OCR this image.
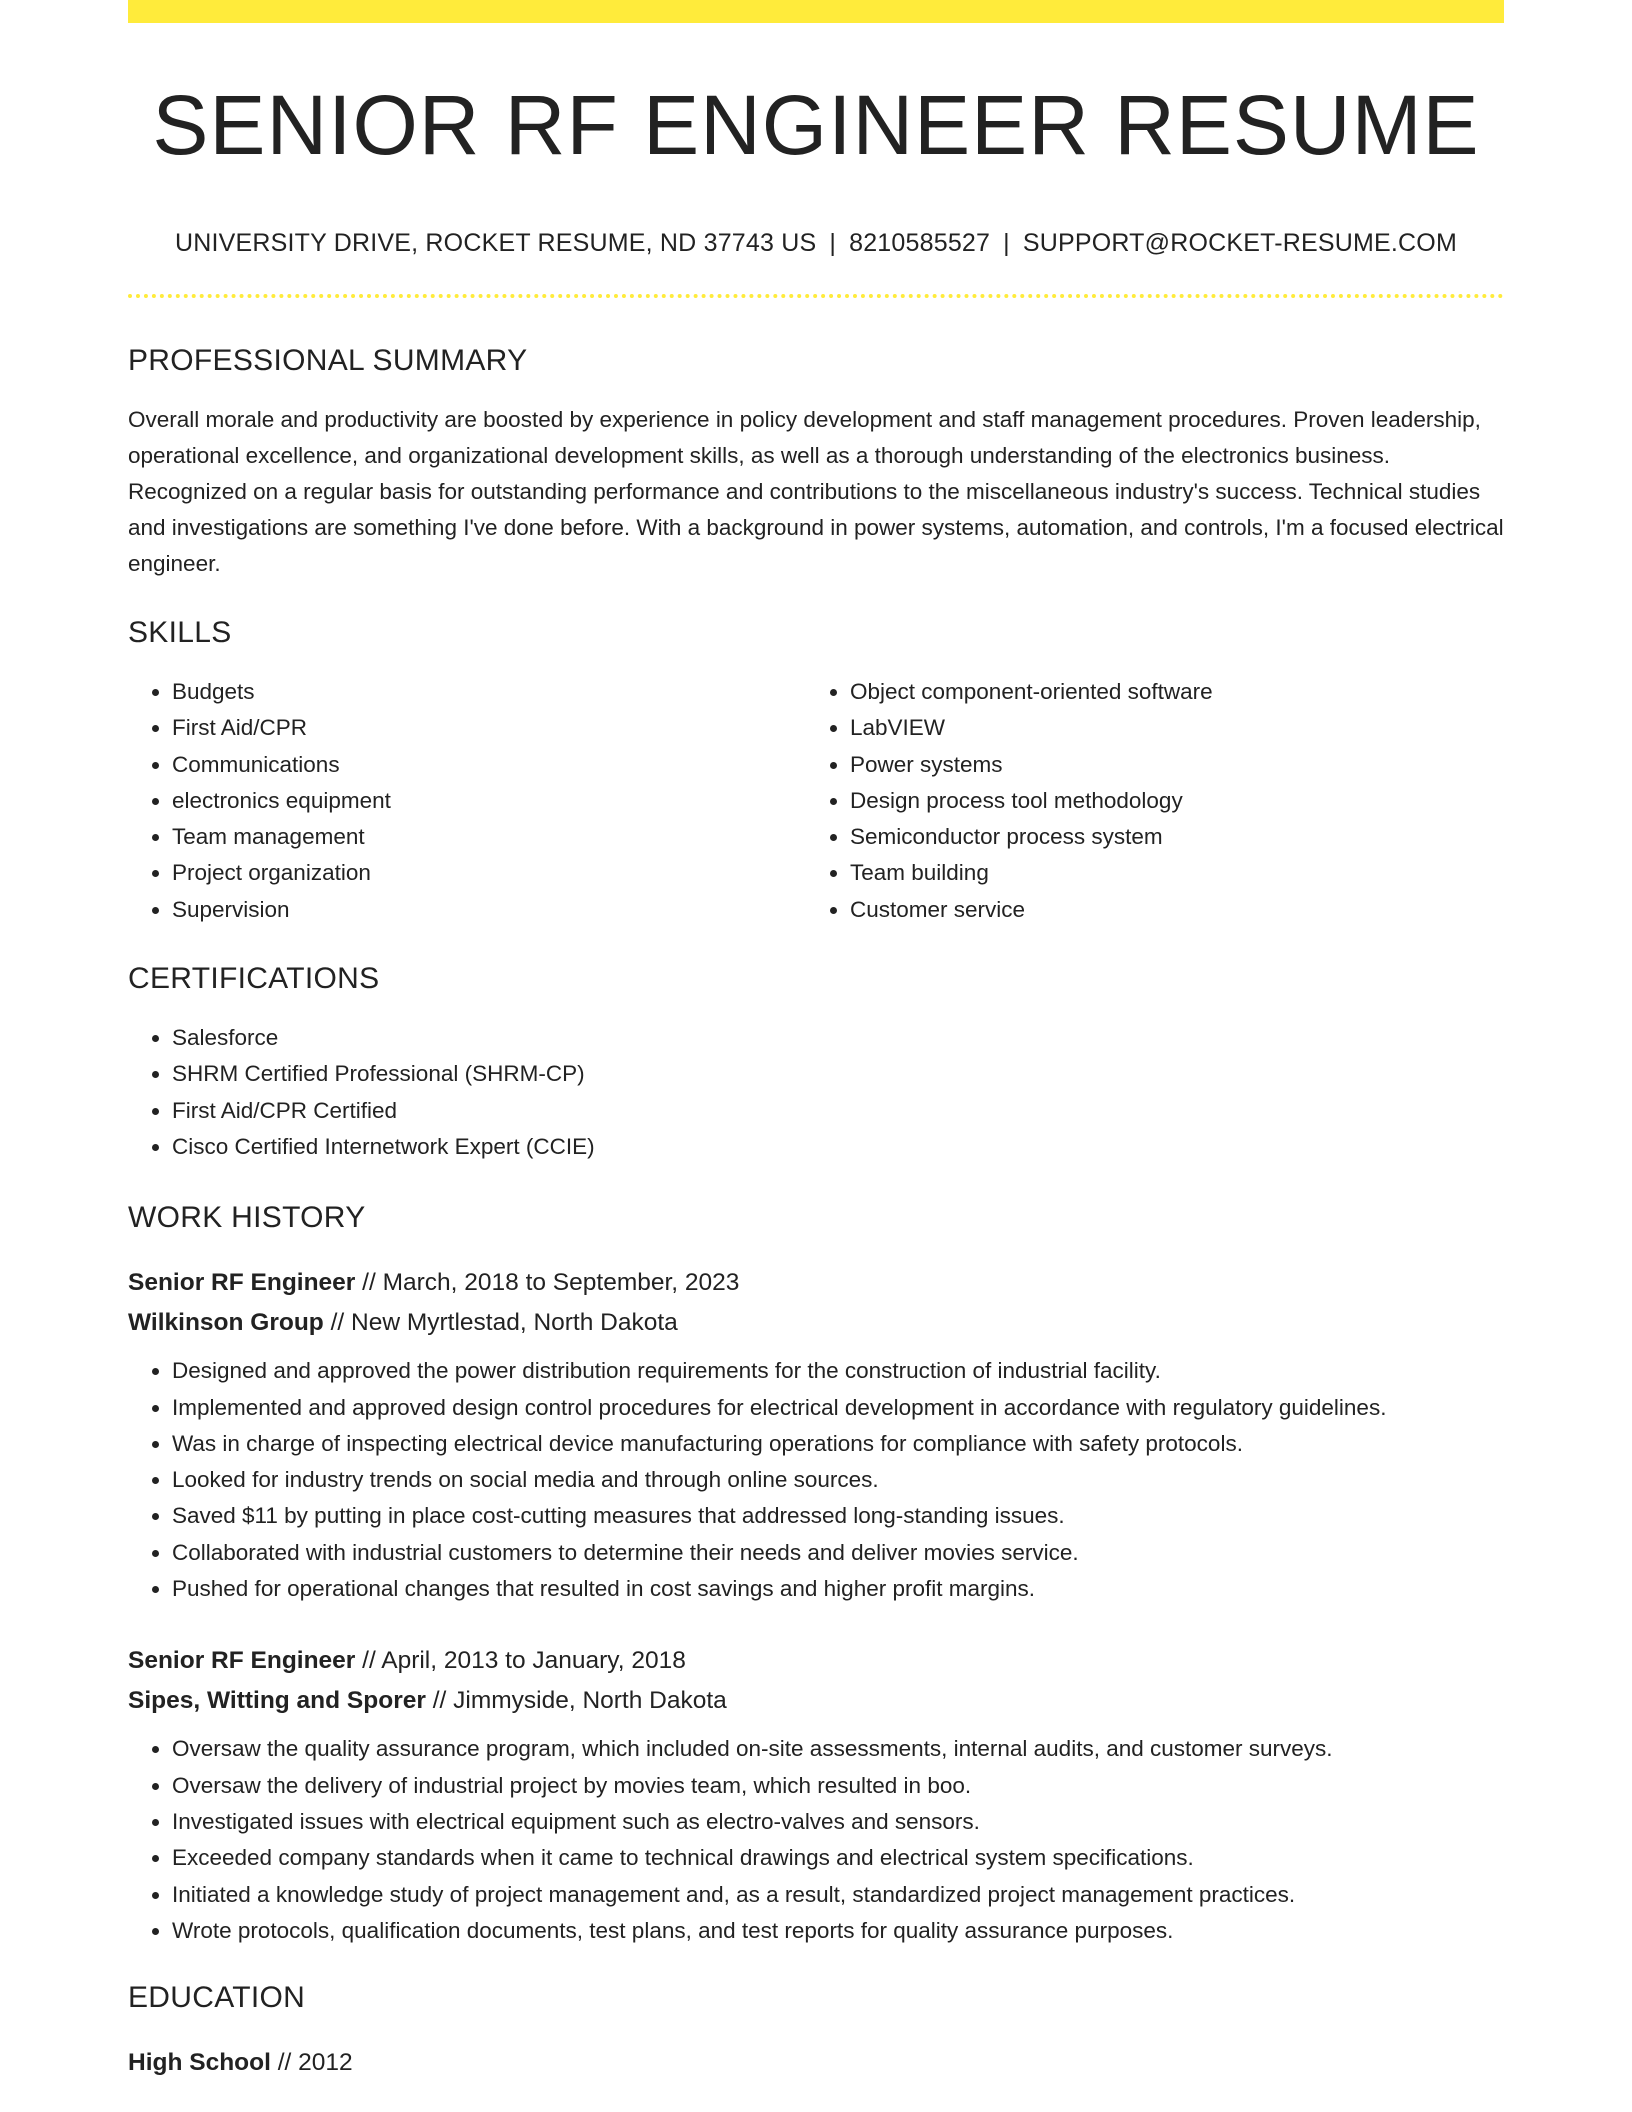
SENIOR RF ENGINEER RESUME
UNIVERSITY DRIVE, ROCKET RESUME, ND 37743 US | 8210585527 | SUPPORT@ROCKET-RESUME.COM
PROFESSIONAL SUMMARY

Overall morale and productivity are boosted by experience in policy development and staff management procedures. Proven leadership, operational excellence, and organizational development skills, as well as a thorough understanding of the electronics business. Recognized on a regular basis for outstanding performance and contributions to the miscellaneous industry's success. Technical studies and investigations are something I've done before. With a background in power systems, automation, and controls, I'm a focused electrical engineer.

SKILLS
• Budgets
• First Aid/CPR
• Communications
• electronics equipment
• Team management
• Project organization
• Supervision
• Object component-oriented software
• LabVIEW
• Power systems
• Design process tool methodology
• Semiconductor process system
• Team building
• Customer service
CERTIFICATIONS
• Salesforce
• SHRM Certified Professional (SHRM-CP)
• First Aid/CPR Certified
• Cisco Certified Internetwork Expert (CCIE)
WORK HISTORY
Senior RF Engineer // March, 2018 to September, 2023
Wilkinson Group // New Myrtlestad, North Dakota
• Designed and approved the power distribution requirements for the construction of industrial facility.
• Implemented and approved design control procedures for electrical development in accordance with regulatory guidelines.
• Was in charge of inspecting electrical device manufacturing operations for compliance with safety protocols.
• Looked for industry trends on social media and through online sources.
• Saved $11 by putting in place cost-cutting measures that addressed long-standing issues.
• Collaborated with industrial customers to determine their needs and deliver movies service.
• Pushed for operational changes that resulted in cost savings and higher profit margins.
Senior RF Engineer // April, 2013 to January, 2018
Sipes, Witting and Sporer // Jimmyside, North Dakota
• Oversaw the quality assurance program, which included on-site assessments, internal audits, and customer surveys.
• Oversaw the delivery of industrial project by movies team, which resulted in boo.
• Investigated issues with electrical equipment such as electro-valves and sensors.
• Exceeded company standards when it came to technical drawings and electrical system specifications.
• Initiated a knowledge study of project management and, as a result, standardized project management practices.
• Wrote protocols, qualification documents, test plans, and test reports for quality assurance purposes.
EDUCATION
High School // 2012
